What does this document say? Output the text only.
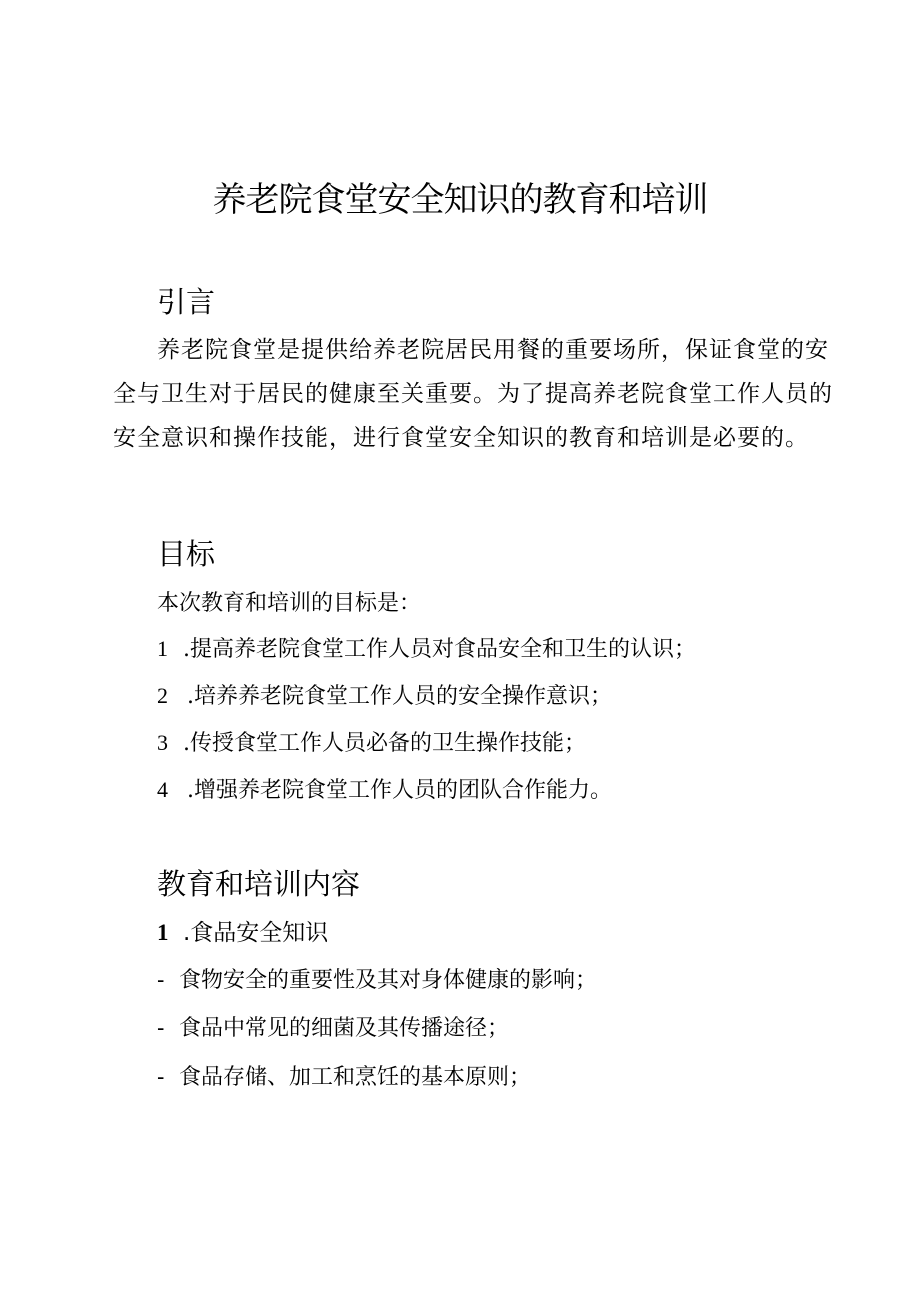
养老院食堂安全知识的教育和培训
引言
养老院食堂是提供给养老院居民用餐的重要场所，保证食堂的安
全与卫生对于居民的健康至关重要。为了提高养老院食堂工作人员的
安全意识和操作技能，进行食堂安全知识的教育和培训是必要的。
目标
本次教育和培训的目标是：
1 .提高养老院食堂工作人员对食品安全和卫生的认识；
2 .培养养老院食堂工作人员的安全操作意识；
3 .传授食堂工作人员必备的卫生操作技能；
4 .增强养老院食堂工作人员的团队合作能力。
教育和培训内容
1 .食品安全知识
- 食物安全的重要性及其对身体健康的影响；
- 食品中常见的细菌及其传播途径；
- 食品存储、加工和烹饪的基本原则；
